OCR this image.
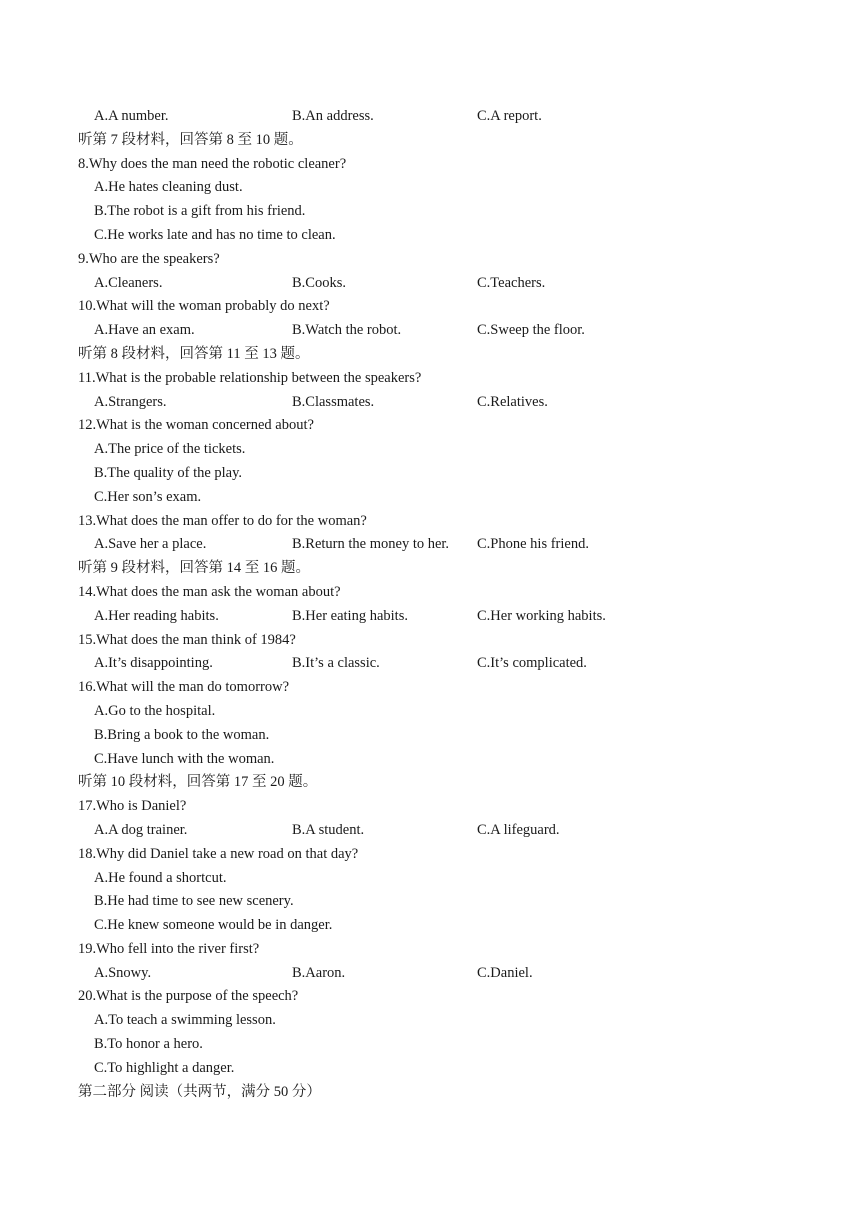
A.A number.	B.An address.	C.A report.
听第 7 段材料，回答第 8 至 10 题。
8.Why does the man need the robotic cleaner?
A.He hates cleaning dust.
B.The robot is a gift from his friend.
C.He works late and has no time to clean.
9.Who are the speakers?
A.Cleaners.	B.Cooks.	C.Teachers.
10.What will the woman probably do next?
A.Have an exam.	B.Watch the robot.	C.Sweep the floor.
听第 8 段材料，回答第 11 至 13 题。
11.What is the probable relationship between the speakers?
A.Strangers.	B.Classmates.	C.Relatives.
12.What is the woman concerned about?
A.The price of the tickets.
B.The quality of the play.
C.Her son’s exam.
13.What does the man offer to do for the woman?
A.Save her a place.	B.Return the money to her. C.Phone his friend.
听第 9 段材料，回答第 14 至 16 题。
14.What does the man ask the woman about?
A.Her reading habits.	B.Her eating habits.	C.Her working habits.
15.What does the man think of 1984?
A.It’s disappointing.	B.It’s a classic.	C.It’s complicated.
16.What will the man do tomorrow?
A.Go to the hospital.
B.Bring a book to the woman.
C.Have lunch with the woman.
听第 10 段材料，回答第 17 至 20 题。
17.Who is Daniel?
A.A dog trainer.	B.A student.	C.A lifeguard.
18.Why did Daniel take a new road on that day?
A.He found a shortcut.
B.He had time to see new scenery.
C.He knew someone would be in danger.
19.Who fell into the river first?
A.Snowy.	B.Aaron.	C.Daniel.
20.What is the purpose of the speech?
A.To teach a swimming lesson.
B.To honor a hero.
C.To highlight a danger.
第二部分 阅读（共两节，满分 50 分）
